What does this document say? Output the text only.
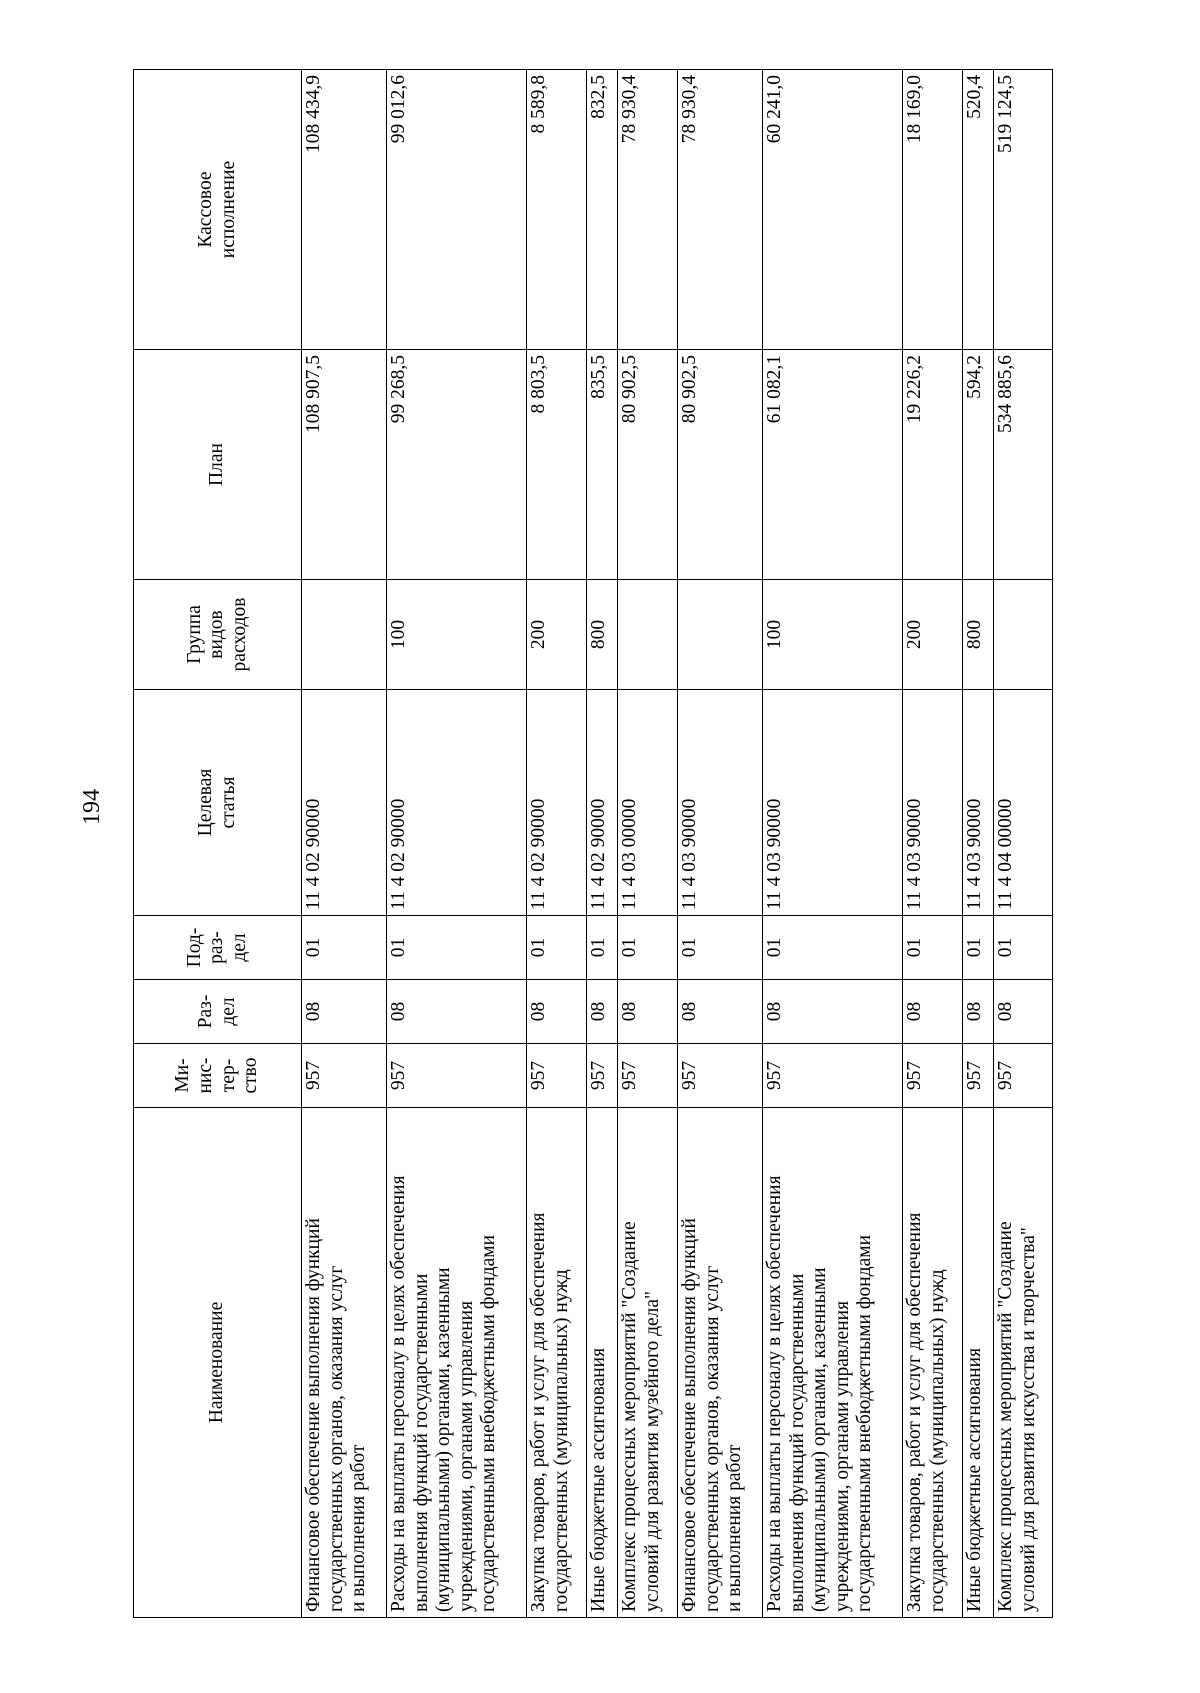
194
Наименование	Ми- нис- тер- ство	Раз- дел	Под- раз- дел	Целевая статья	Группа видов расходов	План	Кассовое исполнение

Финансовое обеспечение выполнения функций государственных органов, оказания услуг и выполнения работ	957	08	01	11 4 02 90000		108 907,5	108 434,9

Расходы на выплаты персоналу в целях обеспечения выполнения функций государственными (муниципальными) органами, казенными учреждениями, органами управления государственными внебюджетными фондами	957	08	01	11 4 02 90000	100	99 268,5	99 012,6

Закупка товаров, работ и услуг для обеспечения государственных (муниципальных) нужд	957	08	01	11 4 02 90000	200	8 803,5	8 589,8

Иные бюджетные ассигнования	957	08	01	11 4 02 90000	800	835,5	832,5

Комплекс процессных мероприятий "Создание условий для развития музейного дела"	957	08	01	11 4 03 00000		80 902,5	78 930,4

Финансовое обеспечение выполнения функций государственных органов, оказания услуг и выполнения работ	957	08	01	11 4 03 90000		80 902,5	78 930,4

Расходы на выплаты персоналу в целях обеспечения выполнения функций государственными (муниципальными) органами, казенными учреждениями, органами управления государственными внебюджетными фондами	957	08	01	11 4 03 90000	100	61 082,1	60 241,0

Закупка товаров, работ и услуг для обеспечения государственных (муниципальных) нужд	957	08	01	11 4 03 90000	200	19 226,2	18 169,0

Иные бюджетные ассигнования	957	08	01	11 4 03 90000	800	594,2	520,4

Комплекс процессных мероприятий "Создание условий для развития искусства и творчества"	957	08	01	11 4 04 00000		534 885,6	519 124,5
